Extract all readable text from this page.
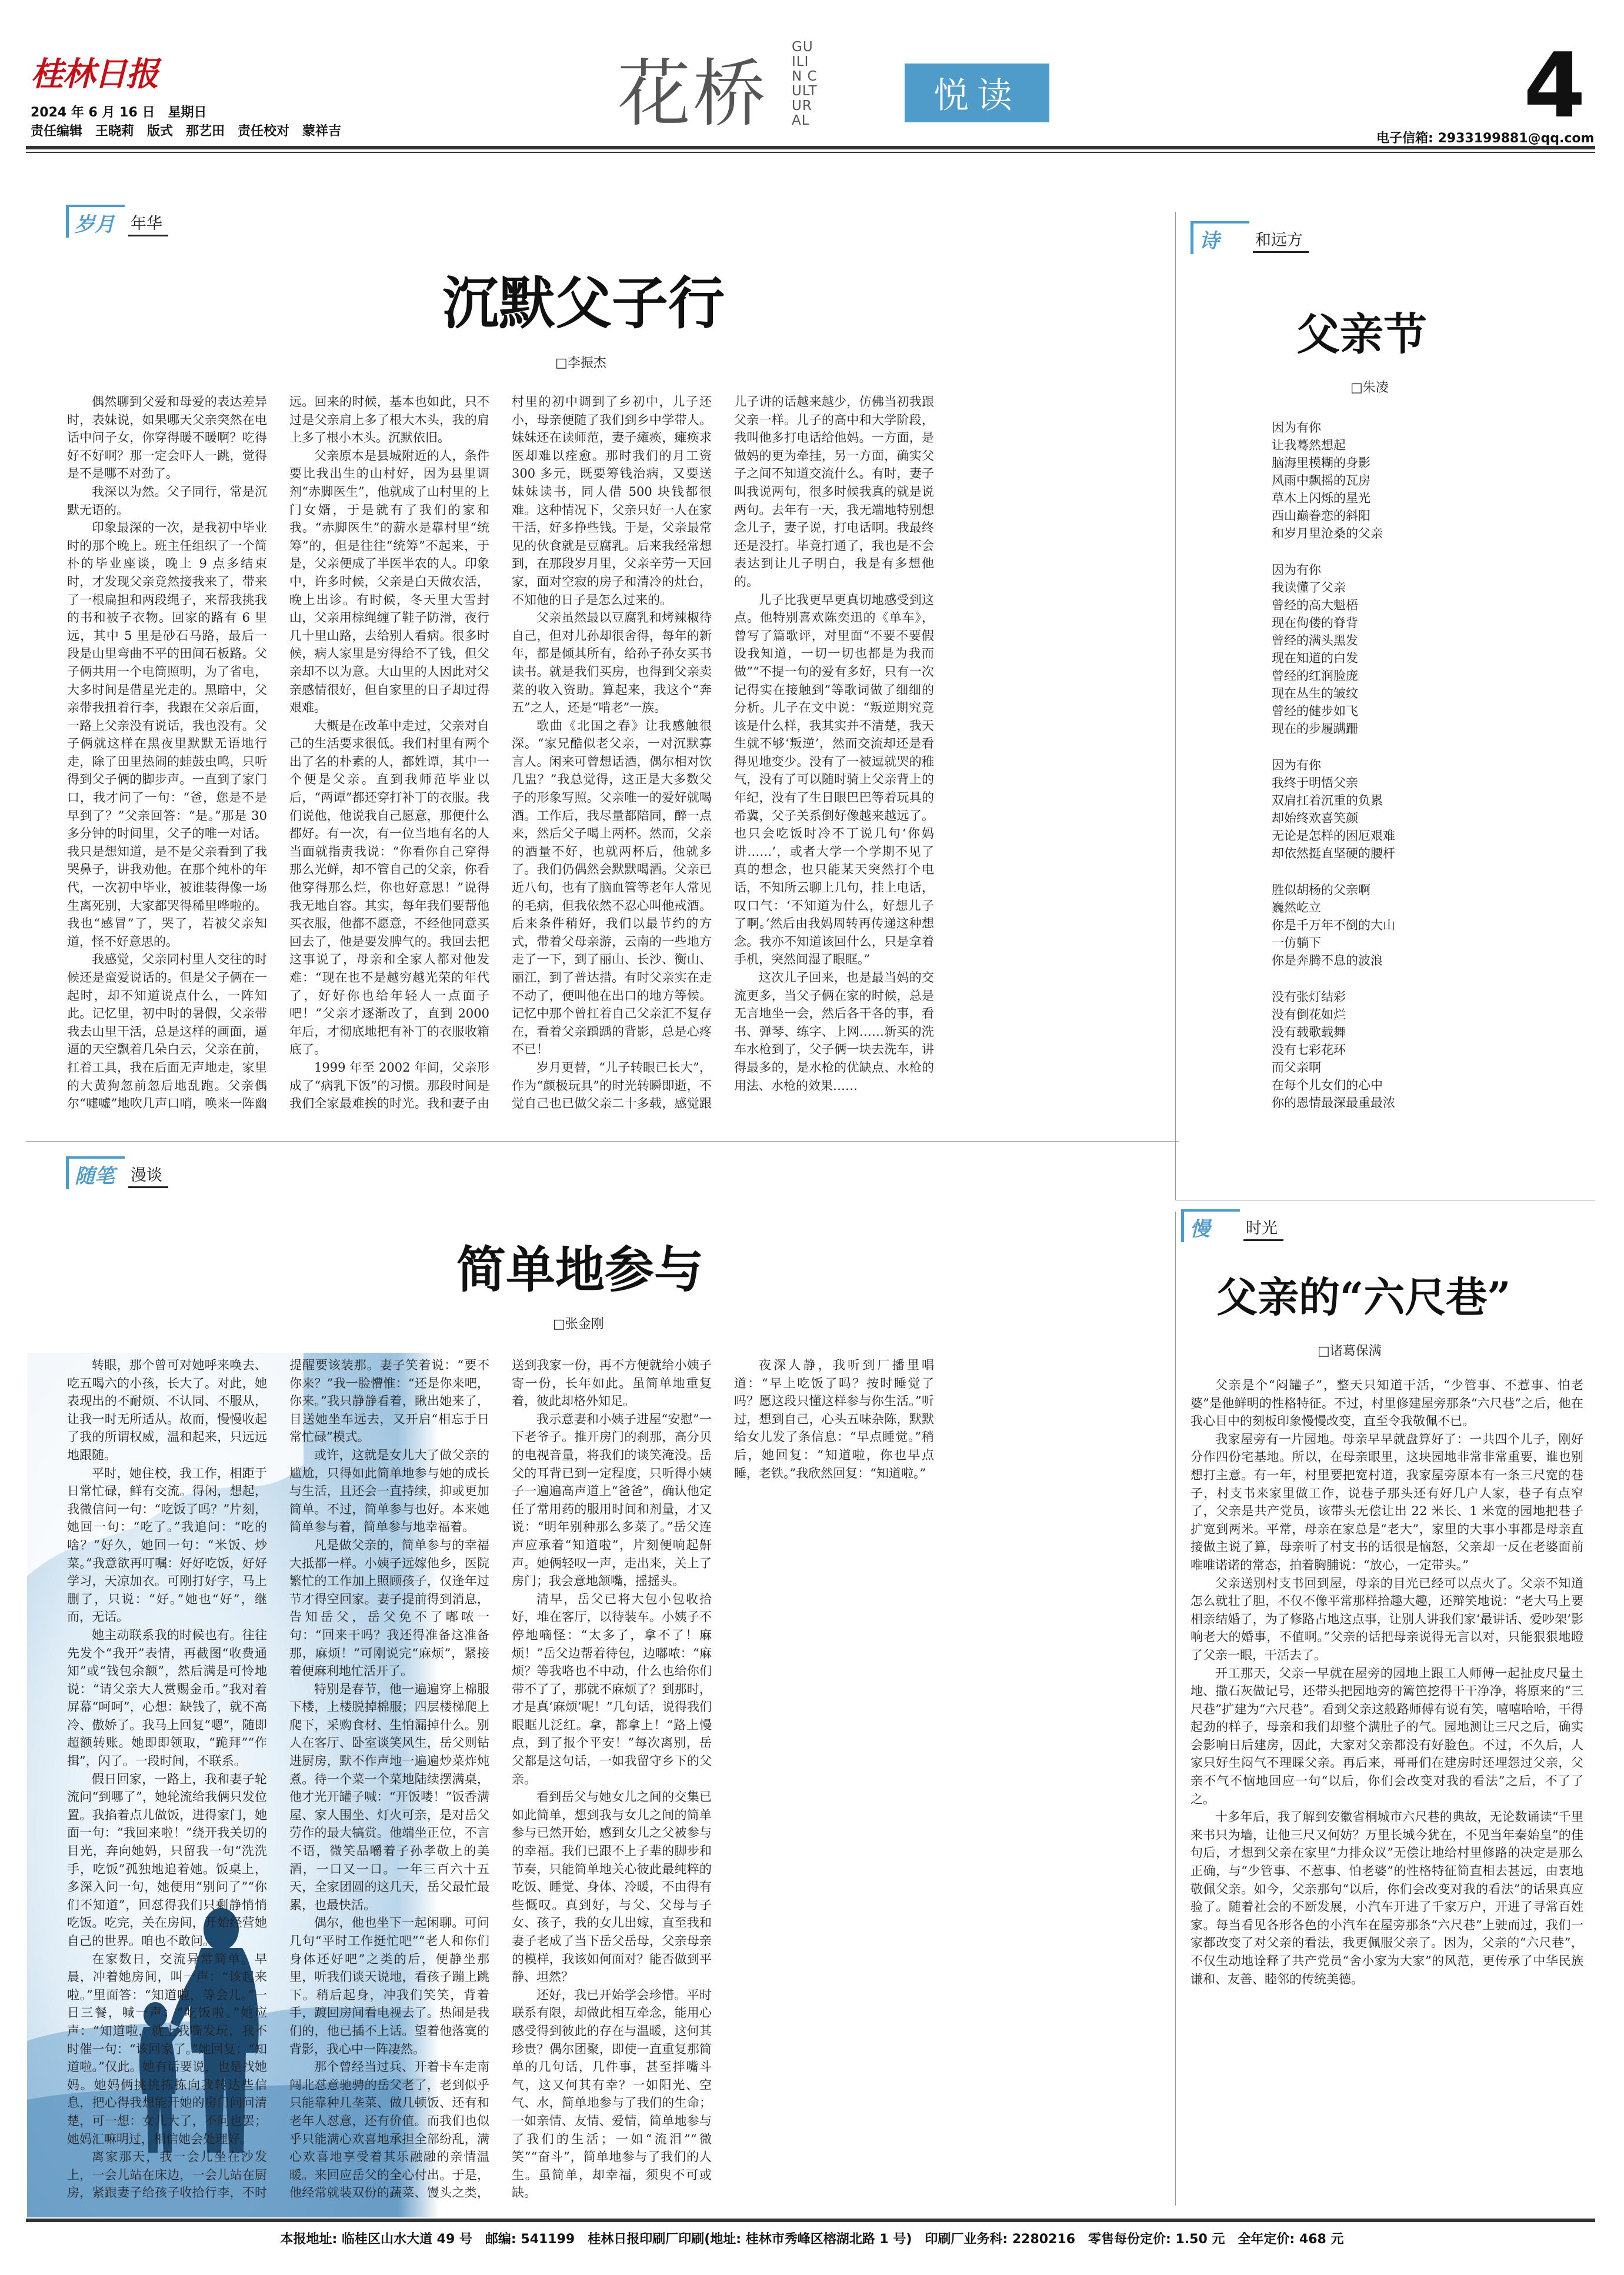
桂林日报
2024 年 6 月 16 日　星期日
责任编辑　王晓莉　版式　那艺田　责任校对　蒙祥吉	花桥
GUILIN CULTURAL
悦读	4
电子信箱: 2933199881@qq.com
岁月	年华
沉默父子行
□李振杰

偶然聊到父爱和母爱的表达差异时，表妹说，如果哪天父亲突然在电话中问子女，你穿得暖不暖啊？吃得好不好啊？那一定会吓人一跳，觉得是不是哪不对劲了。

我深以为然。父子同行，常是沉默无语的。

印象最深的一次，是我初中毕业时的那个晚上。班主任组织了一个简朴的毕业座谈，晚上 9 点多结束时，才发现父亲竟然接我来了，带来了一根扁担和两段绳子，来帮我挑我的书和被子衣物。回家的路有 6 里远，其中 5 里是砂石马路，最后一段是山里弯曲不平的田间石板路。父子俩共用一个电筒照明，为了省电，大多时间是借星光走的。黑暗中，父亲带我扭着行李，我跟在父亲后面，一路上父亲没有说话，我也没有。父子俩就这样在黑夜里默默无语地行走，除了田里热闹的蛙鼓虫鸣，只听得到父子俩的脚步声。一直到了家门口，我才问了一句：“爸，您是不是早到了？”父亲回答：“是。”那是 30 多分钟的时间里，父子的唯一对话。我只是想知道，是不是父亲看到了我哭鼻子，讲我劝他。在那个纯朴的年代，一次初中毕业，被谁装得像一场生离死别，大家都哭得稀里哗啦的。我也“感冒”了，哭了，若被父亲知道，怪不好意思的。

我感觉，父亲同村里人交往的时候还是蛮爱说话的。但是父子俩在一起时，却不知道说点什么，一阵知此。记忆里，初中时的暑假，父亲带我去山里干活，总是这样的画面，逼逼的天空飘着几朵白云，父亲在前，扛着工具，我在后面无声地走，家里的大黄狗忽前忽后地乱跑。父亲偶尔“嘘嘘”地吹几声口哨，唤来一阵幽远。回来的时候，基本也如此，只不过是父亲肩上多了根大木头，我的肩上多了根小木头。沉默依旧。

父亲原本是县城附近的人，条件要比我出生的山村好，因为县里调剂“赤脚医生”，他就成了山村里的上门女婿，于是就有了我们的家和我。“赤脚医生”的薪水是靠村里“统筹”的，但是往往“统筹”不起来，于是，父亲便成了半医半农的人。印象中，许多时候，父亲是白天做农活，晚上出诊。有时候，冬天里大雪封山，父亲用棕绳缠了鞋子防滑，夜行几十里山路，去给别人看病。很多时候，病人家里是穷得给不了钱，但父亲却不以为意。大山里的人因此对父亲感情很好，但自家里的日子却过得艰难。

大概是在改革中走过，父亲对自己的生活要求很低。我们村里有两个出了名的朴素的人，都姓谭，其中一个便是父亲。直到我师范毕业以后，“两谭”都还穿打补丁的衣服。我们说他，他说我自己愿意，那便什么都好。有一次，有一位当地有名的人当面就指责我说：“你看你自己穿得那么光鲜，却不管自己的父亲，你看他穿得那么烂，你也好意思！”说得我无地自容。其实，每年我们要帮他买衣服，他都不愿意，不经他同意买回去了，他是要发脾气的。我回去把这事说了，母亲和全家人都对他发难：“现在也不是越穷越光荣的年代了，好好你也给年轻人一点面子吧！”父亲才逐渐改了，直到 2000 年后，才彻底地把有补丁的衣服收箱底了。

1999 年至 2002 年间，父亲形成了“病乳下饭”的习惯。那段时间是我们全家最难挨的时光。我和妻子由村里的初中调到了乡初中，儿子还小，母亲便随了我们到乡中学带人。妹妹还在读师范，妻子瘫痪，瘫痪求医却难以痊愈。那时我们的月工资 300 多元，既要筹钱治病，又要送妹妹读书，同人借 500 块钱都很难。这种情况下，父亲只好一人在家干活，好多挣些钱。于是，父亲最常见的伙食就是豆腐乳。后来我经常想到，在那段岁月里，父亲辛劳一天回家，面对空寂的房子和清冷的灶台，不知他的日子是怎么过来的。

父亲虽然最以豆腐乳和烤辣椒待自己，但对儿孙却很舍得，每年的新年，都是倾其所有，给孙子孙女买书读书。就是我们买房，也得到父亲卖菜的收入资助。算起来，我这个“奔五”之人，还是“啃老”一族。

歌曲《北国之春》让我感触很深。“家兄酷似老父亲，一对沉默寡言人。闲来可曾想话酒，偶尔相对饮几盅？”我总觉得，这正是大多数父子的形象写照。父亲唯一的爱好就喝酒。工作后，我尽量都陪同，醉一点来，然后父子喝上两杯。然而，父亲的酒量不好，也就两杯后，他就多了。我们仍偶然会默默喝酒。父亲已近八旬，也有了脑血管等老年人常见的毛病，但我依然不忍心叫他戒酒。后来条件稍好，我们以最节约的方式，带着父母亲游，云南的一些地方走了一下，到了丽山、长沙、衡山、丽江，到了普达措。有时父亲实在走不动了，便叫他在出口的地方等候。记忆中那个曾扛着自己父亲汇不复存在，看着父亲踽踽的背影，总是心疼不已！

岁月更替，“儿子转眼已长大”，作为“颜极玩具”的时光转瞬即逝，不觉自己也已做父亲二十多载，感觉跟儿子讲的话越来越少，仿佛当初我跟父亲一样。儿子的高中和大学阶段，我叫他多打电话给他妈。一方面，是做妈的更为牵挂，另一方面，确实父子之间不知道交流什么。有时，妻子叫我说两句，很多时候我真的就是说两句。去年有一天，我无端地特别想念儿子，妻子说，打电话啊。我最终还是没打。毕竟打通了，我也是不会表达到让儿子明白，我是有多想他的。

儿子比我更早更真切地感受到这点。他特别喜欢陈奕迅的《单车》，曾写了篇歌评，对里面“不要不要假设我知道，一切一切也都是为我而做”“不提一句的爱有多好，只有一次记得实在接触到”等歌词做了细细的分析。儿子在文中说：“叛逆期究竟该是什么样，我其实并不清楚，我天生就不够‘叛逆’，然而交流却还是看得见地变少。没有了一被逗就哭的稚气，没有了可以随时骑上父亲背上的年纪，没有了生日眼巴巴等着玩具的希冀，父子关系倒好像越来越远了。也只会吃饭时冷不丁说几句‘你妈讲……’，或者大学一个学期不见了真的想念，也只能某天突然打个电话，不知所云聊上几句，挂上电话，叹口气：‘不知道为什么，好想儿子了啊。’然后由我妈周转再传递这种想念。我亦不知道该回什么，只是拿着手机，突然间湿了眼眶。”

这次儿子回来，也是最当妈的交流更多，当父子俩在家的时候，总是无言地坐一会，然后各干各的事，看书、弹琴、练字、上网……新买的洗车水枪到了，父子俩一块去洗车，讲得最多的，是水枪的优缺点、水枪的用法、水枪的效果……

诗	和远方
父亲节
□朱凌

因为有你

让我蓦然想起

脑海里模糊的身影

风雨中飘摇的瓦房

草木上闪烁的星光

西山巅眷恋的斜阳

和岁月里沧桑的父亲

因为有你

我读懂了父亲

曾经的高大魁梧

现在佝偻的脊背

曾经的满头黑发

现在知道的白发

曾经的红润脸庞

现在丛生的皱纹

曾经的健步如飞

现在的步履蹒跚

因为有你

我终于明悟父亲

双肩扛着沉重的负累

却始终欢喜笑颜

无论是怎样的困厄艰难

却依然挺直坚硬的腰杆

胜似胡杨的父亲啊

巍然屹立

你是千万年不倒的大山

一仿躺下

你是奔腾不息的波浪

没有张灯结彩

没有倒花如烂

没有载歌载舞

没有七彩花环

而父亲啊

在每个儿女们的心中

你的恩情最深最重最浓

随笔	漫谈
简单地参与
□张金刚

转眼，那个曾可对她呼来唤去、吃五喝六的小孩，长大了。对此，她表现出的不耐烦、不认同、不服从，让我一时无所适从。故而，慢慢收起了我的所谓权威，温和起来，只远远地跟随。

平时，她住校，我工作，相距于日常忙碌，鲜有交流。得闲，想起，我微信问一句：“吃饭了吗？”片刻，她回一句：“吃了。”我追问：“吃的啥？”好久，她回一句：“米饭、炒菜。”我意欲再叮嘱：好好吃饭，好好学习，天凉加衣。可刚打好字，马上删了，只说：“好。”她也“好”，继而，无话。

她主动联系我的时候也有。往往先发个“我开”表情，再截图“收费通知”或“钱包余额”，然后满是可怜地说：“请父亲大人赏赐金币。”我对着屏幕“呵呵”，心想：缺钱了，就不高冷、傲娇了。我马上回复“嗯”，随即超额转账。她即即领取，“跪拜”“作揖”，闪了。一段时间，不联系。

假日回家，一路上，我和妻子轮流问“到哪了”，她轮流给我俩只发位置。我掐着点儿做饭，进得家门，她面一句：“我回来啦！”绕开我关切的目光，奔向她妈，只留我一句“洗洗手，吃饭”孤独地追着她。饭桌上，多深入问一句，她便用“别问了”“你们不知道”，回怼得我们只剩静悄悄吃饭。吃完，关在房间，开始经营她自己的世界。咱也不敢问。

在家数日，交流异常简单。早晨，冲着她房间，叫一声：“该起来啦。”里面答：“知道啦，等会儿。”一日三餐，喊一声：“吃饭啦。”她应声：“知道啦，就上我嘶发玩，我不时催一句：“该回家了。”她回复：“知道啦。”仅此。她有话要说，也是找她妈。她妈俩挑挑拣拣向我转达些信息，把心得我想能开她的房门问问清楚，可一想：女儿大了，不问也罢；她妈汇嘛明过，相信她会处理好。

离家那天，我一会儿坐在沙发上，一会儿站在床边，一会儿站在厨房，紧跟妻子给孩子收拾行李，不时提醒要该装那。妻子笑着说：“要不你来？”我一脸懵惟：“还是你来吧，你来。”我只静静看着，瞅出她来了，目送她坐车远去，又开启“相忘于日常忙碌”模式。

或许，这就是女儿大了做父亲的尴尬，只得如此简单地参与她的成长与生活，且还会一直持续，抑或更加简单。不过，简单参与也好。本来她简单参与着，简单参与地幸福着。

凡是做父亲的，简单参与的幸福大抵都一样。小姨子远嫁他乡，医院繁忙的工作加上照顾孩子，仅逢年过节才得空回家。妻子提前得到消息，告知岳父，岳父免不了嘟哝一句：“回来干吗？我还得准备这准备那，麻烦！”可刚说完“麻烦”，紧接着便麻利地忙活开了。

特别是春节，他一遍遍穿上棉服下楼，上楼脱掉棉服；四层楼梯爬上爬下，采购食材、生怕漏掉什么。别人在客厅、卧室谈笑风生，岳父则钻进厨房，默不作声地一遍遍炒菜炸炖煮。待一个菜一个菜地陆续摆满桌，他才光开罐子喊：“开饭喽！”饭香满屋、家人围坐、灯火可亲，是对岳父劳作的最大犒赏。他端坐正位，不言不语，微笑品嚼着子孙孝敬上的美酒，一口又一口。一年三百六十五天，全家团圆的这几天，岳父最忙最累，也最快活。

偶尔，他也坐下一起闲聊。可问几句“平时工作挺忙吧”“老人和你们身体还好吧”之类的后，便静坐那里，听我们谈天说地，看孩子蹦上跳下。稍后起身，冲我们笑笑，背着手，踱回房间看电视去了。热闹是我们的，他已插不上话。望着他落寞的背影，我心中一阵凄然。

那个曾经当过兵、开着卡车走南闯北怼意驰骋的岳父老了，老到似乎只能靠种几垄菜、做几顿饭、还有和老年人怼意，还有价值。而我们也似乎只能满心欢喜地承担全部纷乱，满心欢喜地享受着其乐融融的亲情温暖。来回应岳父的全心付出。于是，他经常就装双份的蔬菜、馒头之类，送到我家一份，再不方便就给小姨子寄一份，长年如此。虽简单地重复着，彼此却格外知足。

我示意妻和小姨子进屋“安慰”一下老爷子。推开房门的刹那，高分贝的电视音量，将我们的谈笑淹没。岳父的耳背已到一定程度，只听得小姨子一遍遍高声道上“爸爸”，确认他定任了常用药的服用时间和剂量，才又说：“明年别种那么多菜了。”岳父连声应承着“知道啦”，片刻便响起鼾声。她俩轻叹一声，走出来，关上了房门；我会意地颔嘴，摇摇头。

清早，岳父已将大包小包收拾好，堆在客厅，以待装车。小姨子不停地嘀怪：“太多了，拿不了！麻烦！”岳父边帮着待包，边嘟哝：“麻烦？等我咯也不中动，什么也给你们带不了了，那就不麻烦了？到那时，才是真‘麻烦’呢！”几句话，说得我们眼眶儿泛红。拿，都拿上！“路上慢点，到了报个平安！”每次离别，岳父都是这句话，一如我留守乡下的父亲。

看到岳父与她女儿之间的交集已如此简单，想到我与女儿之间的简单参与已然开始，感到女儿之父被参与的幸福。我们已跟不上子辈的脚步和节奏，只能简单地关心彼此最纯粹的吃饭、睡觉、身体、冷暖，不由得有些慨叹。真到好，与父、父母与子女、孩子，我的女儿出嫁，直至我和妻子老成了当下岳父岳母，父亲母亲的模样，我该如何面对？能否做到平静、坦然？

还好，我已开始学会珍惜。平时联系有限，却做此相互牵念，能用心感受得到彼此的存在与温暖，这何其珍贵？偶尔团聚，即使一直重复那简单的几句话，几件事，甚至拌嘴斗气，这又何其有幸？一如阳光、空气、水，简单地参与了我们的生命；一如亲情、友情、爱情，简单地参与了我们的生活；一如“流泪”“微笑”“奋斗”，简单地参与了我们的人生。虽简单，却幸福，须臾不可或缺。

夜深人静，我听到厂播里唱道：“早上吃饭了吗？按时睡觉了吗？愿这段只懂这样参与你生活。”听过，想到自己，心头五味杂陈，默默给女儿发了条信息：“早点睡觉。”稍后，她回复：“知道啦，你也早点睡，老铁。”我欣然回复：“知道啦。”

慢	时光
父亲的“六尺巷”
□诸葛保满

父亲是个“闷罐子”，整天只知道干活，“少管事、不惹事、怕老婆”是他鲜明的性格特征。不过，村里修建屋旁那条“六尺巷”之后，他在我心目中的刻板印象慢慢改变，直至令我敬佩不已。

我家屋旁有一片园地。母亲早早就盘算好了：一共四个儿子，刚好分作四份宅基地。所以，在母亲眼里，这块园地非常非常重要，谁也别想打主意。有一年，村里要把宽村道，我家屋旁原本有一条三尺宽的巷子，村支书来家里做工作，说巷子那头还有好几户人家，巷子有点窄了，父亲是共产党员，该带头无偿让出 22 米长、1 米宽的园地把巷子扩宽到两米。平常，母亲在家总是“老大”，家里的大事小事都是母亲直接做主说了算，母亲听了村支书的话很是恼怒，父亲却一反在老婆面前唯唯诺诺的常态，拍着胸脯说：“放心，一定带头。”

父亲送别村支书回到屋，母亲的目光已经可以点火了。父亲不知道怎么就壮了胆，不仅不像平常那样拾趣大趣，还辩笑地说：“老大马上要相亲结婚了，为了修路占地这点事，让别人讲我们家‘最讲话、爱吵架’影响老大的婚事，不值啊。”父亲的话把母亲说得无言以对，只能狠狠地瞪了父亲一眼，干活去了。

开工那天，父亲一早就在屋旁的园地上跟工人师傅一起扯皮尺量土地、撒石灰做记号，还带头把园地旁的篱笆挖得干干净净，将原来的“三尺巷”扩建为“六尺巷”。看到父亲这般路师傅有说有笑，嘻嘻哈哈，干得起劲的样子，母亲和我们却整个满肚子的气。园地测让三尺之后，确实会影响日后建房，因此，大家对父亲都没有好脸色。不过，不久后，人家只好生闷气不理睬父亲。再后来，哥哥们在建房时还埋怨过父亲，父亲不气不恼地回应一句“以后，你们会改变对我的看法”之后，不了了之。

十多年后，我了解到安徽省桐城市六尺巷的典故，无论数诵读“千里来书只为墙，让他三尺又何妨？万里长城今犹在，不见当年秦始皇”的佳句后，才想到父亲在家里“力排众议”无偿让地给村里修路的决定是那么正确，与“少管事、不惹事、怕老婆”的性格特征简直相去甚远，由衷地敬佩父亲。如今，父亲那句“以后，你们会改变对我的看法”的话果真应验了。随着社会的不断发展，小汽车开进了千家万户，开进了寻常百姓家。每当看见各形各色的小汽车在屋旁那条“六尺巷”上驶而过，我们一家都改变了对父亲的看法，我更佩服父亲了。因为，父亲的“六尺巷”，不仅生动地诠释了共产党员“舍小家为大家”的风范，更传承了中华民族谦和、友善、睦邻的传统美德。

本报地址: 临桂区山水大道 49 号　邮编: 541199　桂林日报印刷厂印刷(地址: 桂林市秀峰区榕湖北路 1 号)　印刷厂业务科: 2280216　零售每份定价: 1.50 元　全年定价: 468 元
